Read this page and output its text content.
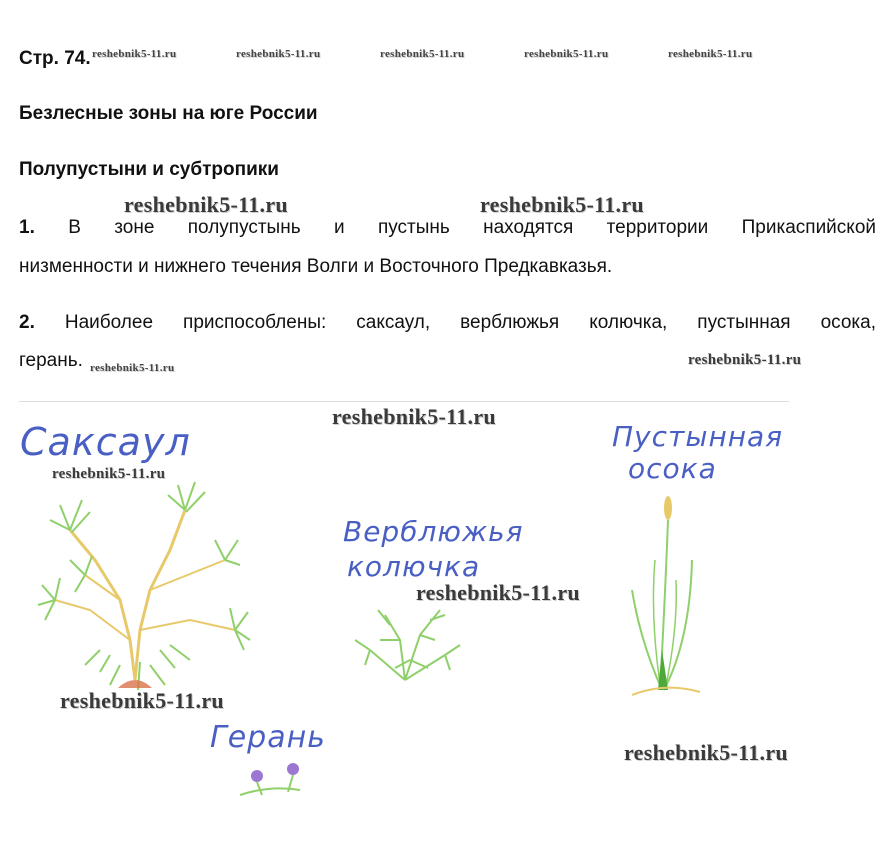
reshebnik5-11.ru	reshebnik5-11.ru	reshebnik5-11.ru	reshebnik5-11.ru	reshebnik5-11.ru
Стр. 74.
Безлесные зоны на юге России
Полупустыни и субтропики
reshebnik5-11.ru	reshebnik5-11.ru
1. В зоне полупустынь и пустынь находятся территории Прикаспийской
низменности и нижнего течения Волги и Восточного Предкавказья.
2. Наиболее приспособлены: саксаул, верблюжья колючка, пустынная осока,
герань. reshebnik5-11.ru	reshebnik5-11.ru
Саксаул
Верблюжья
колючка
Пустынная
осока
Герань
reshebnik5-11.ru
reshebnik5-11.ru
reshebnik5-11.ru
reshebnik5-11.ru
reshebnik5-11.ru
